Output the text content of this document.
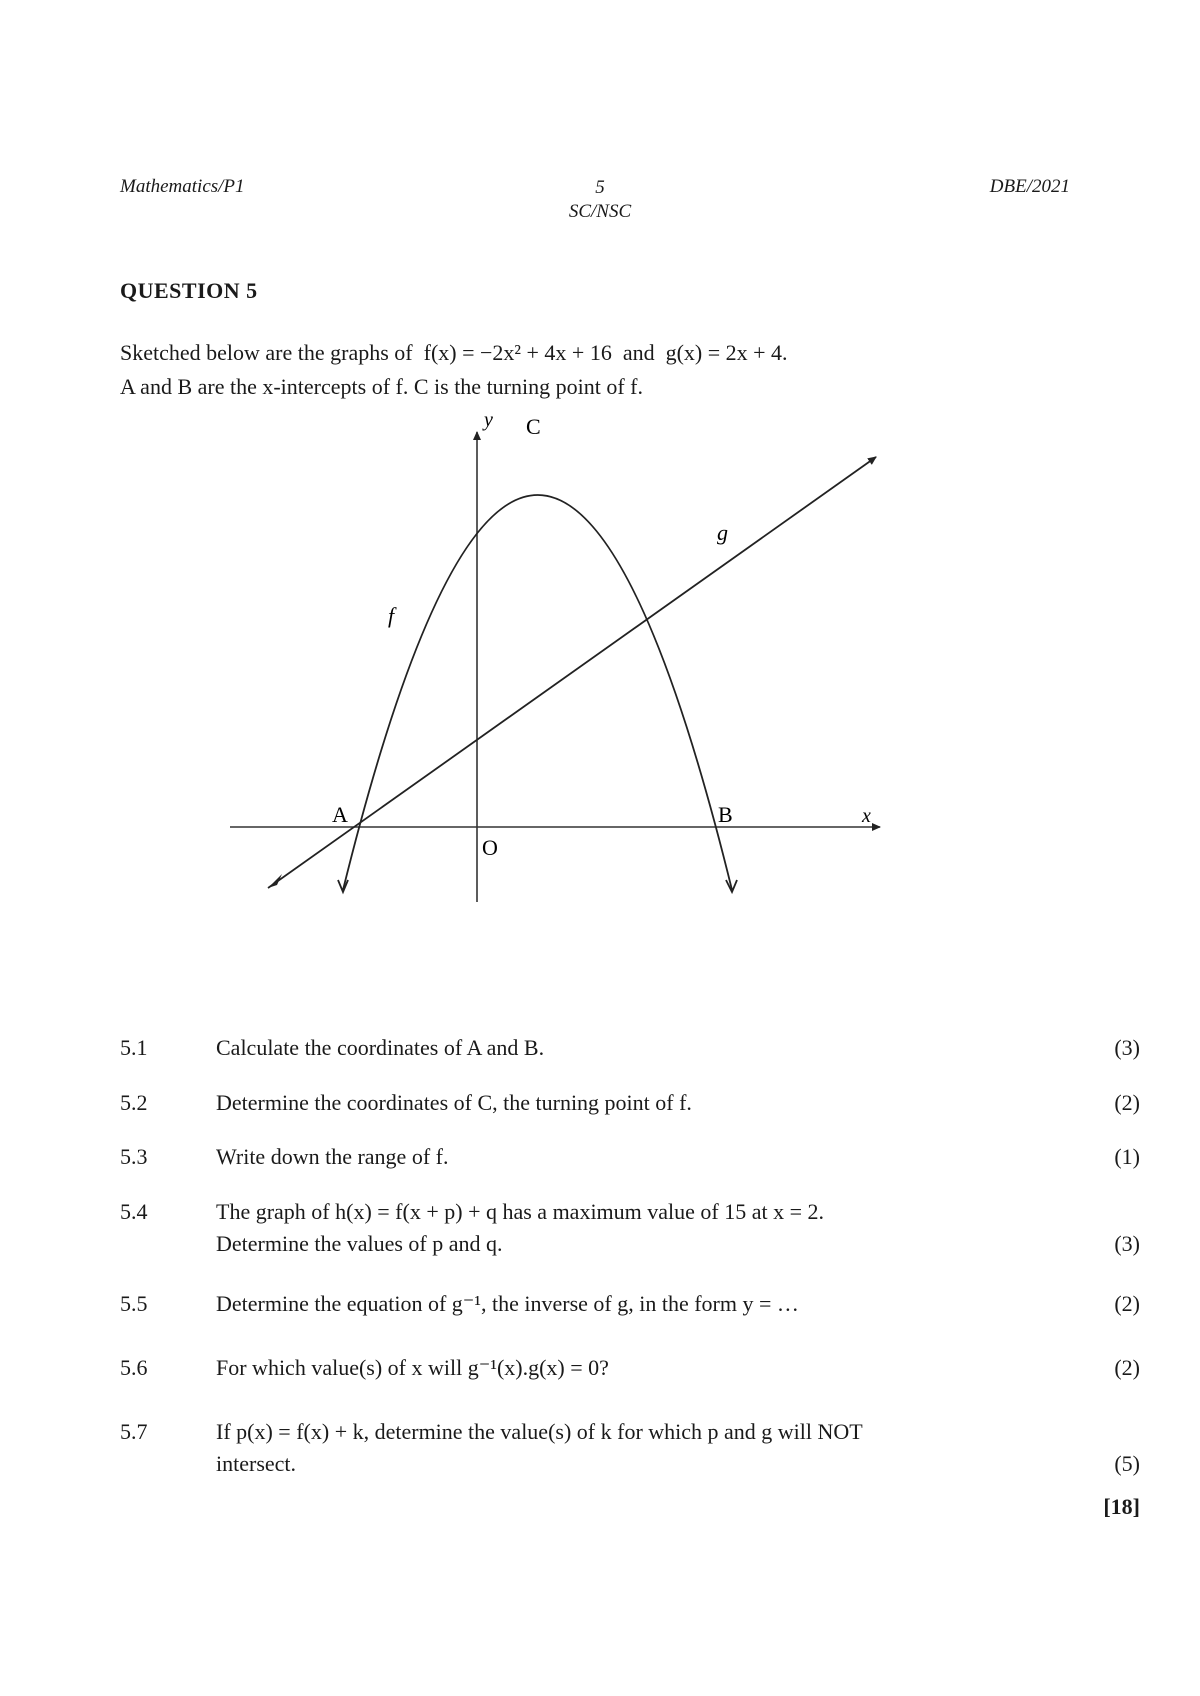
Mathematics/P1	5
SC/NSC
DBE/2021
QUESTION 5
Sketched below are the graphs of f(x) = −2x² + 4x + 16 and g(x) = 2x + 4.
A and B are the x-intercepts of f. C is the turning point of f.
y C
g
f
A	B
O
x
5.1	Calculate the coordinates of A and B.	(3)
5.2	Determine the coordinates of C, the turning point of f.	(2)
5.3	Write down the range of f.	(1)
5.4	The graph of h(x) = f(x + p) + q has a maximum value of 15 at x = 2.
Determine the values of p and q.	(3)
5.5	Determine the equation of g⁻¹, the inverse of g, in the form y = …	(2)
5.6	For which value(s) of x will g⁻¹(x).g(x) = 0?	(2)
5.7	If p(x) = f(x) + k, determine the value(s) of k for which p and g will NOT
intersect.	(5)
[18]
